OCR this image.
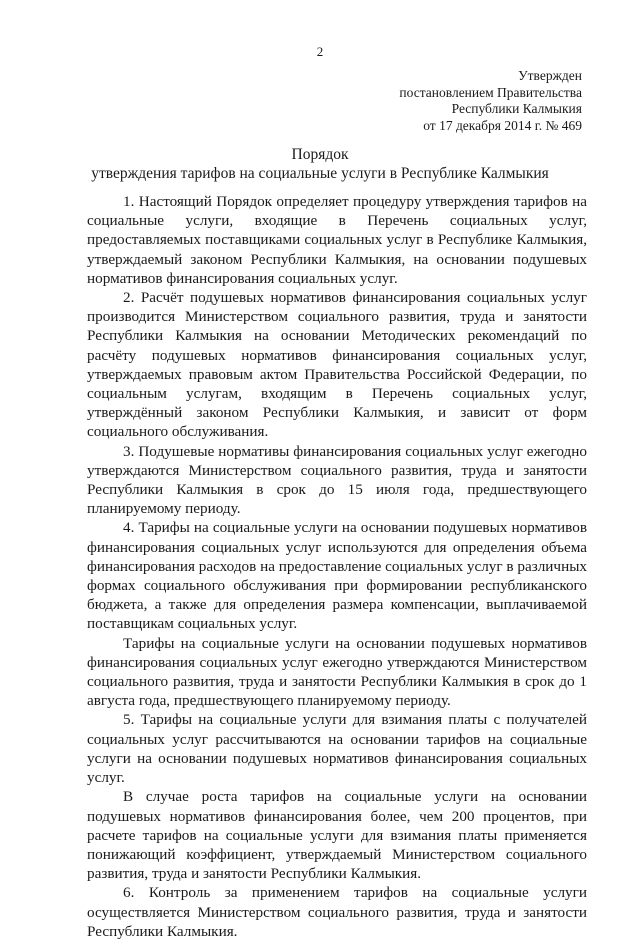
2
Утвержден
постановлением Правительства
Республики Калмыкия
от 17 декабря 2014 г. № 469
Порядок
утверждения тарифов на социальные услуги в Республике Калмыкия

1. Настоящий Порядок определяет процедуру утверждения тарифов на социальные услуги, входящие в Перечень социальных услуг, предоставляемых поставщиками социальных услуг в Республике Калмыкия, утверждаемый законом Республики Калмыкия, на основании подушевых нормативов финансирования социальных услуг.

2. Расчёт подушевых нормативов финансирования социальных услуг производится Министерством социального развития, труда и занятости Республики Калмыкия на основании Методических рекомендаций по расчёту подушевых нормативов финансирования социальных услуг, утверждаемых правовым актом Правительства Российской Федерации, по социальным услугам, входящим в Перечень социальных услуг, утверждённый законом Республики Калмыкия, и зависит от форм социального обслуживания.

3. Подушевые нормативы финансирования социальных услуг ежегодно утверждаются Министерством социального развития, труда и занятости Республики Калмыкия в срок до 15 июля года, предшествующего планируемому периоду.

4. Тарифы на социальные услуги на основании подушевых нормативов финансирования социальных услуг используются для определения объема финансирования расходов на предоставление социальных услуг в различных формах социального обслуживания при формировании республиканского бюджета, а также для определения размера компенсации, выплачиваемой поставщикам социальных услуг.

Тарифы на социальные услуги на основании подушевых нормативов финансирования социальных услуг ежегодно утверждаются Министерством социального развития, труда и занятости Республики Калмыкия в срок до 1 августа года, предшествующего планируемому периоду.

5. Тарифы на социальные услуги для взимания платы с получателей социальных услуг рассчитываются на основании тарифов на социальные услуги на основании подушевых нормативов финансирования социальных услуг.

В случае роста тарифов на социальные услуги на основании подушевых нормативов финансирования более, чем 200 процентов, при расчете тарифов на социальные услуги для взимания платы применяется понижающий коэффициент, утверждаемый Министерством социального развития, труда и занятости Республики Калмыкия.

6. Контроль за применением тарифов на социальные услуги осуществляется Министерством социального развития, труда и занятости Республики Калмыкия.
